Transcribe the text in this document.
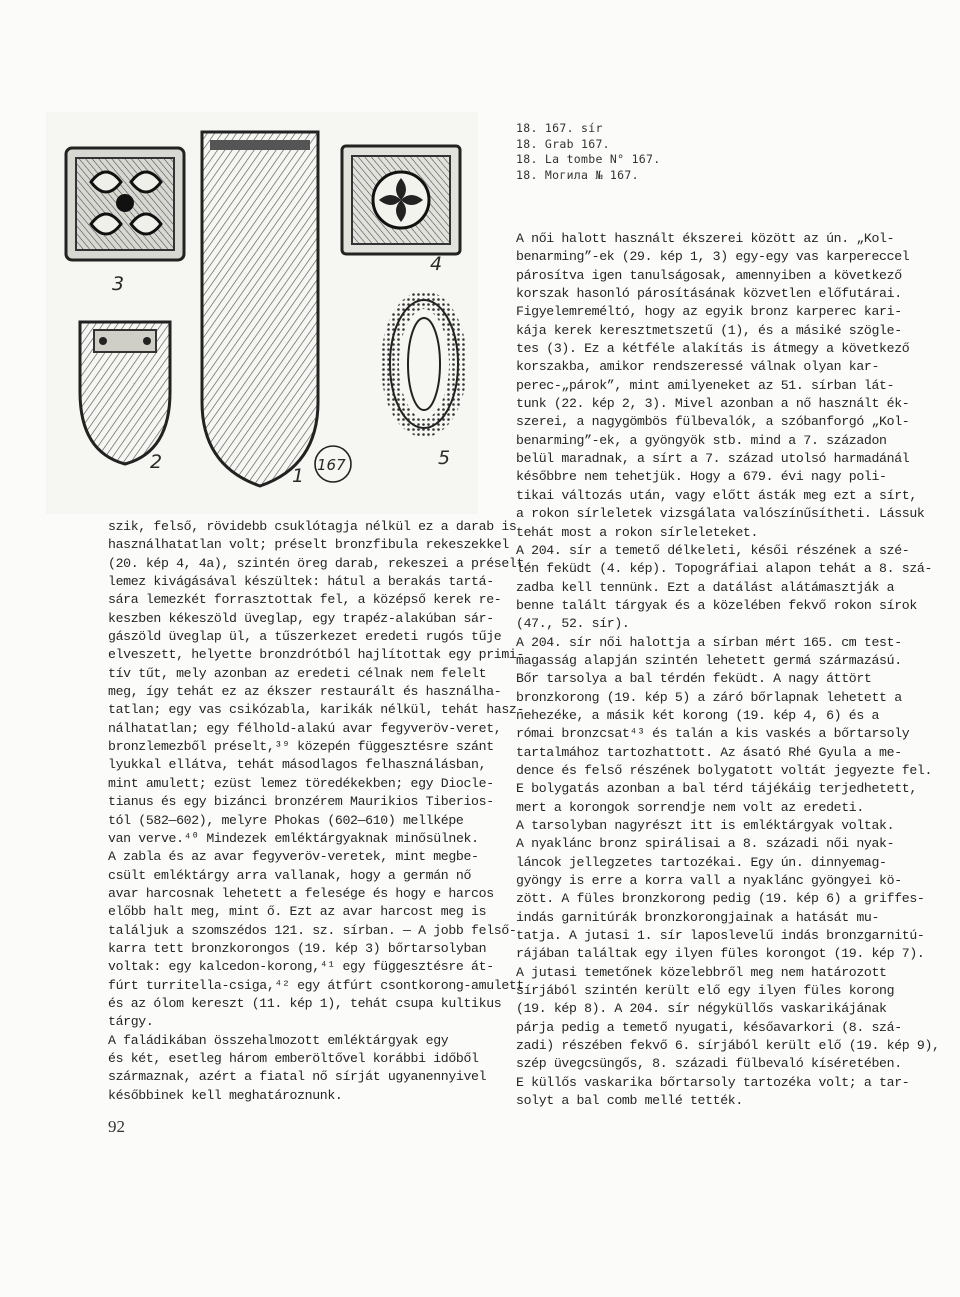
3
4
2
1 167	5
18. 167. sír
18. Grab 167.
18. La tombe N° 167.
18. Могила № 167.
szik, felső, rövidebb csuklótagja nélkül ez a darab is
használhatatlan volt; préselt bronzfibula rekeszekkel
(20. kép 4, 4a), szintén öreg darab, rekeszei a préselt
lemez kivágásával készültek: hátul a berakás tartá-
sára lemezkét forrasztottak fel, a középső kerek re-
keszben kékeszöld üveglap, egy trapéz-alakúban sár-
gászöld üveglap ül, a tűszerkezet eredeti rugós tűje
elveszett, helyette bronzdrótból hajlítottak egy primi-
tív tűt, mely azonban az eredeti célnak nem felelt
meg, így tehát ez az ékszer restaurált és használha-
tatlan; egy vas csikózabla, karikák nélkül, tehát hasz-
nálhatatlan; egy félhold-alakú avar fegyveröv-veret,
bronzlemezből préselt,³⁹ közepén függesztésre szánt
lyukkal ellátva, tehát másodlagos felhasználásban,
mint amulett; ezüst lemez töredékekben; egy Dioclе-
tianus és egy bizánci bronzérem Maurikios Tiberios-
tól (582—602), melyre Phokas (602—610) mellképe
van verve.⁴⁰ Mindezek emléktárgyaknak minősülnek.
A zabla és az avar fegyveröv-veretek, mint megbe-
csült emléktárgy arra vallanak, hogy a germán nő
avar harcosnak lehetett a felesége és hogy e harcos
előbb halt meg, mint ő. Ezt az avar harcost meg is
találjuk a szomszédos 121. sz. sírban. — A jobb felső-
karra tett bronzkorongos (19. kép 3) bőrtarsolyban
voltak: egy kalcedon-korong,⁴¹ egy függesztésre át-
fúrt turritella-csiga,⁴² egy átfúrt csontkorong-amulett
és az ólom kereszt (11. kép 1), tehát csupa kultikus
tárgy.
A faládikában összehalmozott emléktárgyak egy
és két, esetleg három emberöltővel korábbi időből
származnak, azért a fiatal nő sírját ugyanennyivel
későbbinek kell meghatároznunk.
A női halott használt ékszerei között az ún. „Kol-
benarming”-ek (29. kép 1, 3) egy-egy vas karpereccel
párosítva igen tanulságosak, amennyiben a következő
korszak hasonló párosításának közvetlen előfutárai.
Figyelemreméltó, hogy az egyik bronz karperec kari-
kája kerek keresztmetszetű (1), és a másiké szögle-
tes (3). Ez a kétféle alakítás is átmegy a következő
korszakba, amikor rendszeressé válnak olyan kar-
perec-„párok”, mint amilyeneket az 51. sírban lát-
tunk (22. kép 2, 3). Mivel azonban a nő használt ék-
szerei, a nagygömbös fülbevalók, a szóbanforgó „Kol-
benarming”-ek, a gyöngyök stb. mind a 7. századon
belül maradnak, a sírt a 7. század utolsó harmadánál
későbbre nem tehetjük. Hogy a 679. évi nagy poli-
tikai változás után, vagy előtt ásták meg ezt a sírt,
a rokon sírleletek vizsgálata valószínűsítheti. Lássuk
tehát most a rokon sírleleteket.
A 204. sír a temető délkeleti, késői részének a szé-
lén feküdt (4. kép). Topográfiai alapon tehát a 8. szá-
zadba kell tennünk. Ezt a datálást alátámasztják a
benne talált tárgyak és a közelében fekvő rokon sírok
(47., 52. sír).
A 204. sír női halottja a sírban mért 165. cm test-
magasság alapján szintén lehetett germá származású.
Bőr tarsolya a bal térdén feküdt. A nagy áttört
bronzkorong (19. kép 5) a záró bőrlapnak lehetett a
nehezéke, a másik két korong (19. kép 4, 6) és a
római bronzcsat⁴³ és talán a kis vaskés a bőrtarsoly
tartalmához tartozhattott. Az ásató Rhé Gyula a me-
dence és felső részének bolygatott voltát jegyezte fel.
E bolygatás azonban a bal térd tájékáig terjedhetett,
mert a korongok sorrendje nem volt az eredeti.
A tarsolyban nagyrészt itt is emléktárgyak voltak.
A nyaklánc bronz spirálisai a 8. századi női nyak-
láncok jellegzetes tartozékai. Egy ún. dinnyemag-
gyöngy is erre a korra vall a nyaklánc gyöngyei kö-
zött. A füles bronzkorong pedig (19. kép 6) a griffes-
indás garnitúrák bronzkorongjainak a hatását mu-
tatja. A jutasi 1. sír laposlevelű indás bronzgarnitú-
rájában találtak egy ilyen füles korongot (19. kép 7).
A jutasi temetőnek közelebbről meg nem határozott
sírjából szintén került elő egy ilyen füles korong
(19. kép 8). A 204. sír négyküllős vaskarikájának
párja pedig a temető nyugati, későavarkori (8. szá-
zadi) részében fekvő 6. sírjából került elő (19. kép 9),
szép üvegcsüngős, 8. századi fülbevaló kíséretében.
E küllős vaskarika bőrtarsoly tartozéka volt; a tar-
solyt a bal comb mellé tették.
92
